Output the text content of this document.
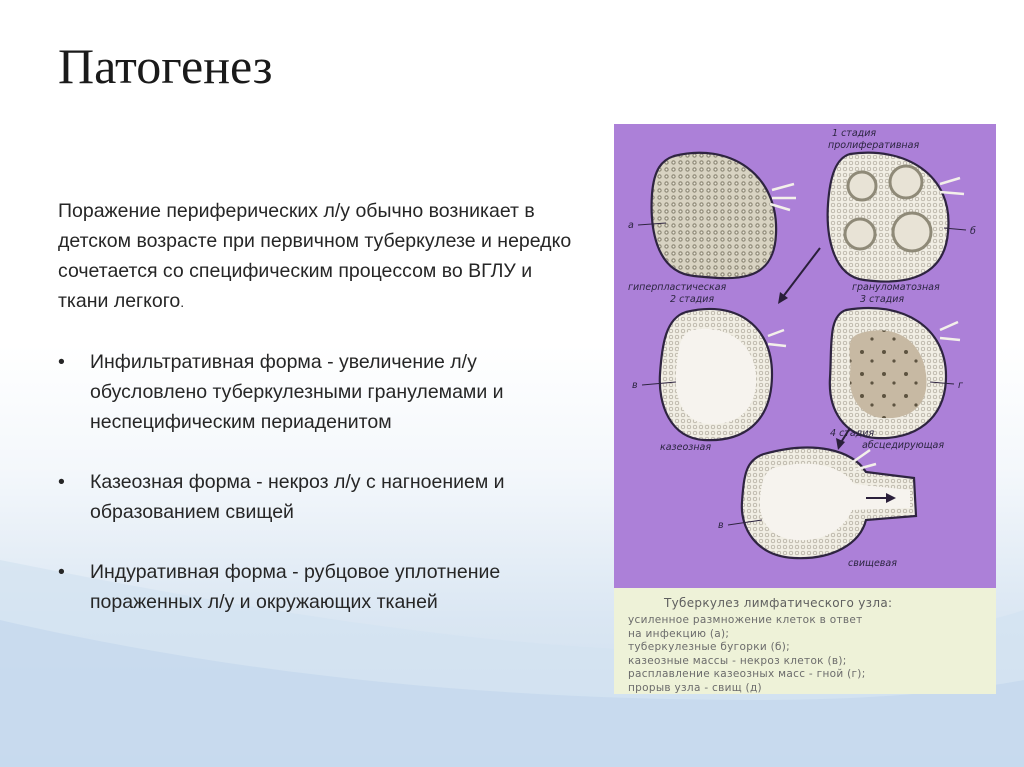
Патогенез

Поражение периферических л/у обычно возникает в детском возрасте при первичном туберкулезе и нередко сочетается со специфическим процессом во ВГЛУ и ткани легкого.

• Инфильтративная форма - увеличение л/у обусловлено туберкулезными гранулемами и неспецифическим периаденитом
• Казеозная форма - некроз л/у с нагноением и образованием свищей
• Индуративная форма - рубцовое уплотнение пораженных л/у и окружающих тканей
1 стадия
пролиферативная
а
б
гиперпластическая
2 стадия
грануломатозная
3 стадия
в	г
казеозная
4 стадия
абсцедирующая
в
свищевая
Туберкулез лимфатического узла:
усиленное размножение клеток в ответ
на инфекцию (а);
туберкулезные бугорки (б);
казеозные массы - некроз клеток (в);
расплавление казеозных масс - гной (г);
прорыв узла - свищ (д)
